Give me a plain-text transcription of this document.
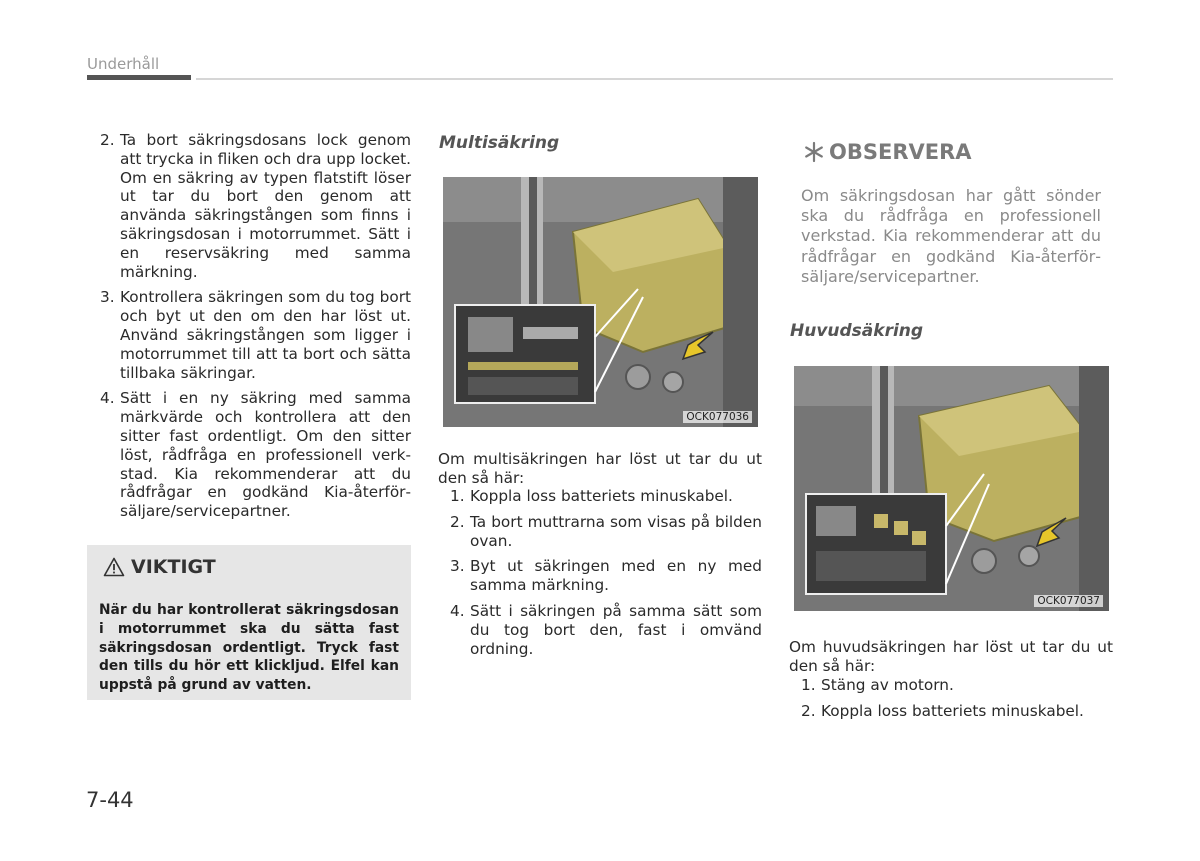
Underhåll
2. Ta bort säkringsdosans lock genom att trycka in fliken och dra upp locket. Om en säkring av typen flatstift löser ut tar du bort den genom att använda säkringstången som finns i säkringsdosan i motorrummet. Sätt i en reservsäkring med samma märkning.
3. Kontrollera säkringen som du tog bort och byt ut den om den har löst ut. Använd säkringstången som ligger i motorrummet till att ta bort och sätta tillbaka säkringar.
4. Sätt i en ny säkring med samma märkvärde och kontrollera att den sitter fast ordentligt. Om den sitter löst, rådfråga en professionell verkstad. Kia rekommenderar att du rådfrågar en godkänd Kia-återförsäljare/servicepartner.
VIKTIGT
När du har kontrollerat säkringsdosan i motorrummet ska du sätta fast säkringsdosan ordentligt. Tryck fast den tills du hör ett klickljud. Elfel kan uppstå på grund av vatten.
Multisäkring
OCK077036
Om multisäkringen har löst ut tar du ut den så här:
1. Koppla loss batteriets minuskabel.
2. Ta bort muttrarna som visas på bilden ovan.
3. Byt ut säkringen med en ny med samma märkning.
4. Sätt i säkringen på samma sätt som du tog bort den, fast i omvänd ordning.
OBSERVERA
Om säkringsdosan har gått sönder ska du rådfråga en professionell verkstad. Kia rekommenderar att du rådfrågar en godkänd Kia-återförsäljare/servicepartner.
Huvudsäkring
OCK077037
Om huvudsäkringen har löst ut tar du ut den så här:
1. Stäng av motorn.
2. Koppla loss batteriets minuskabel.
7-44
